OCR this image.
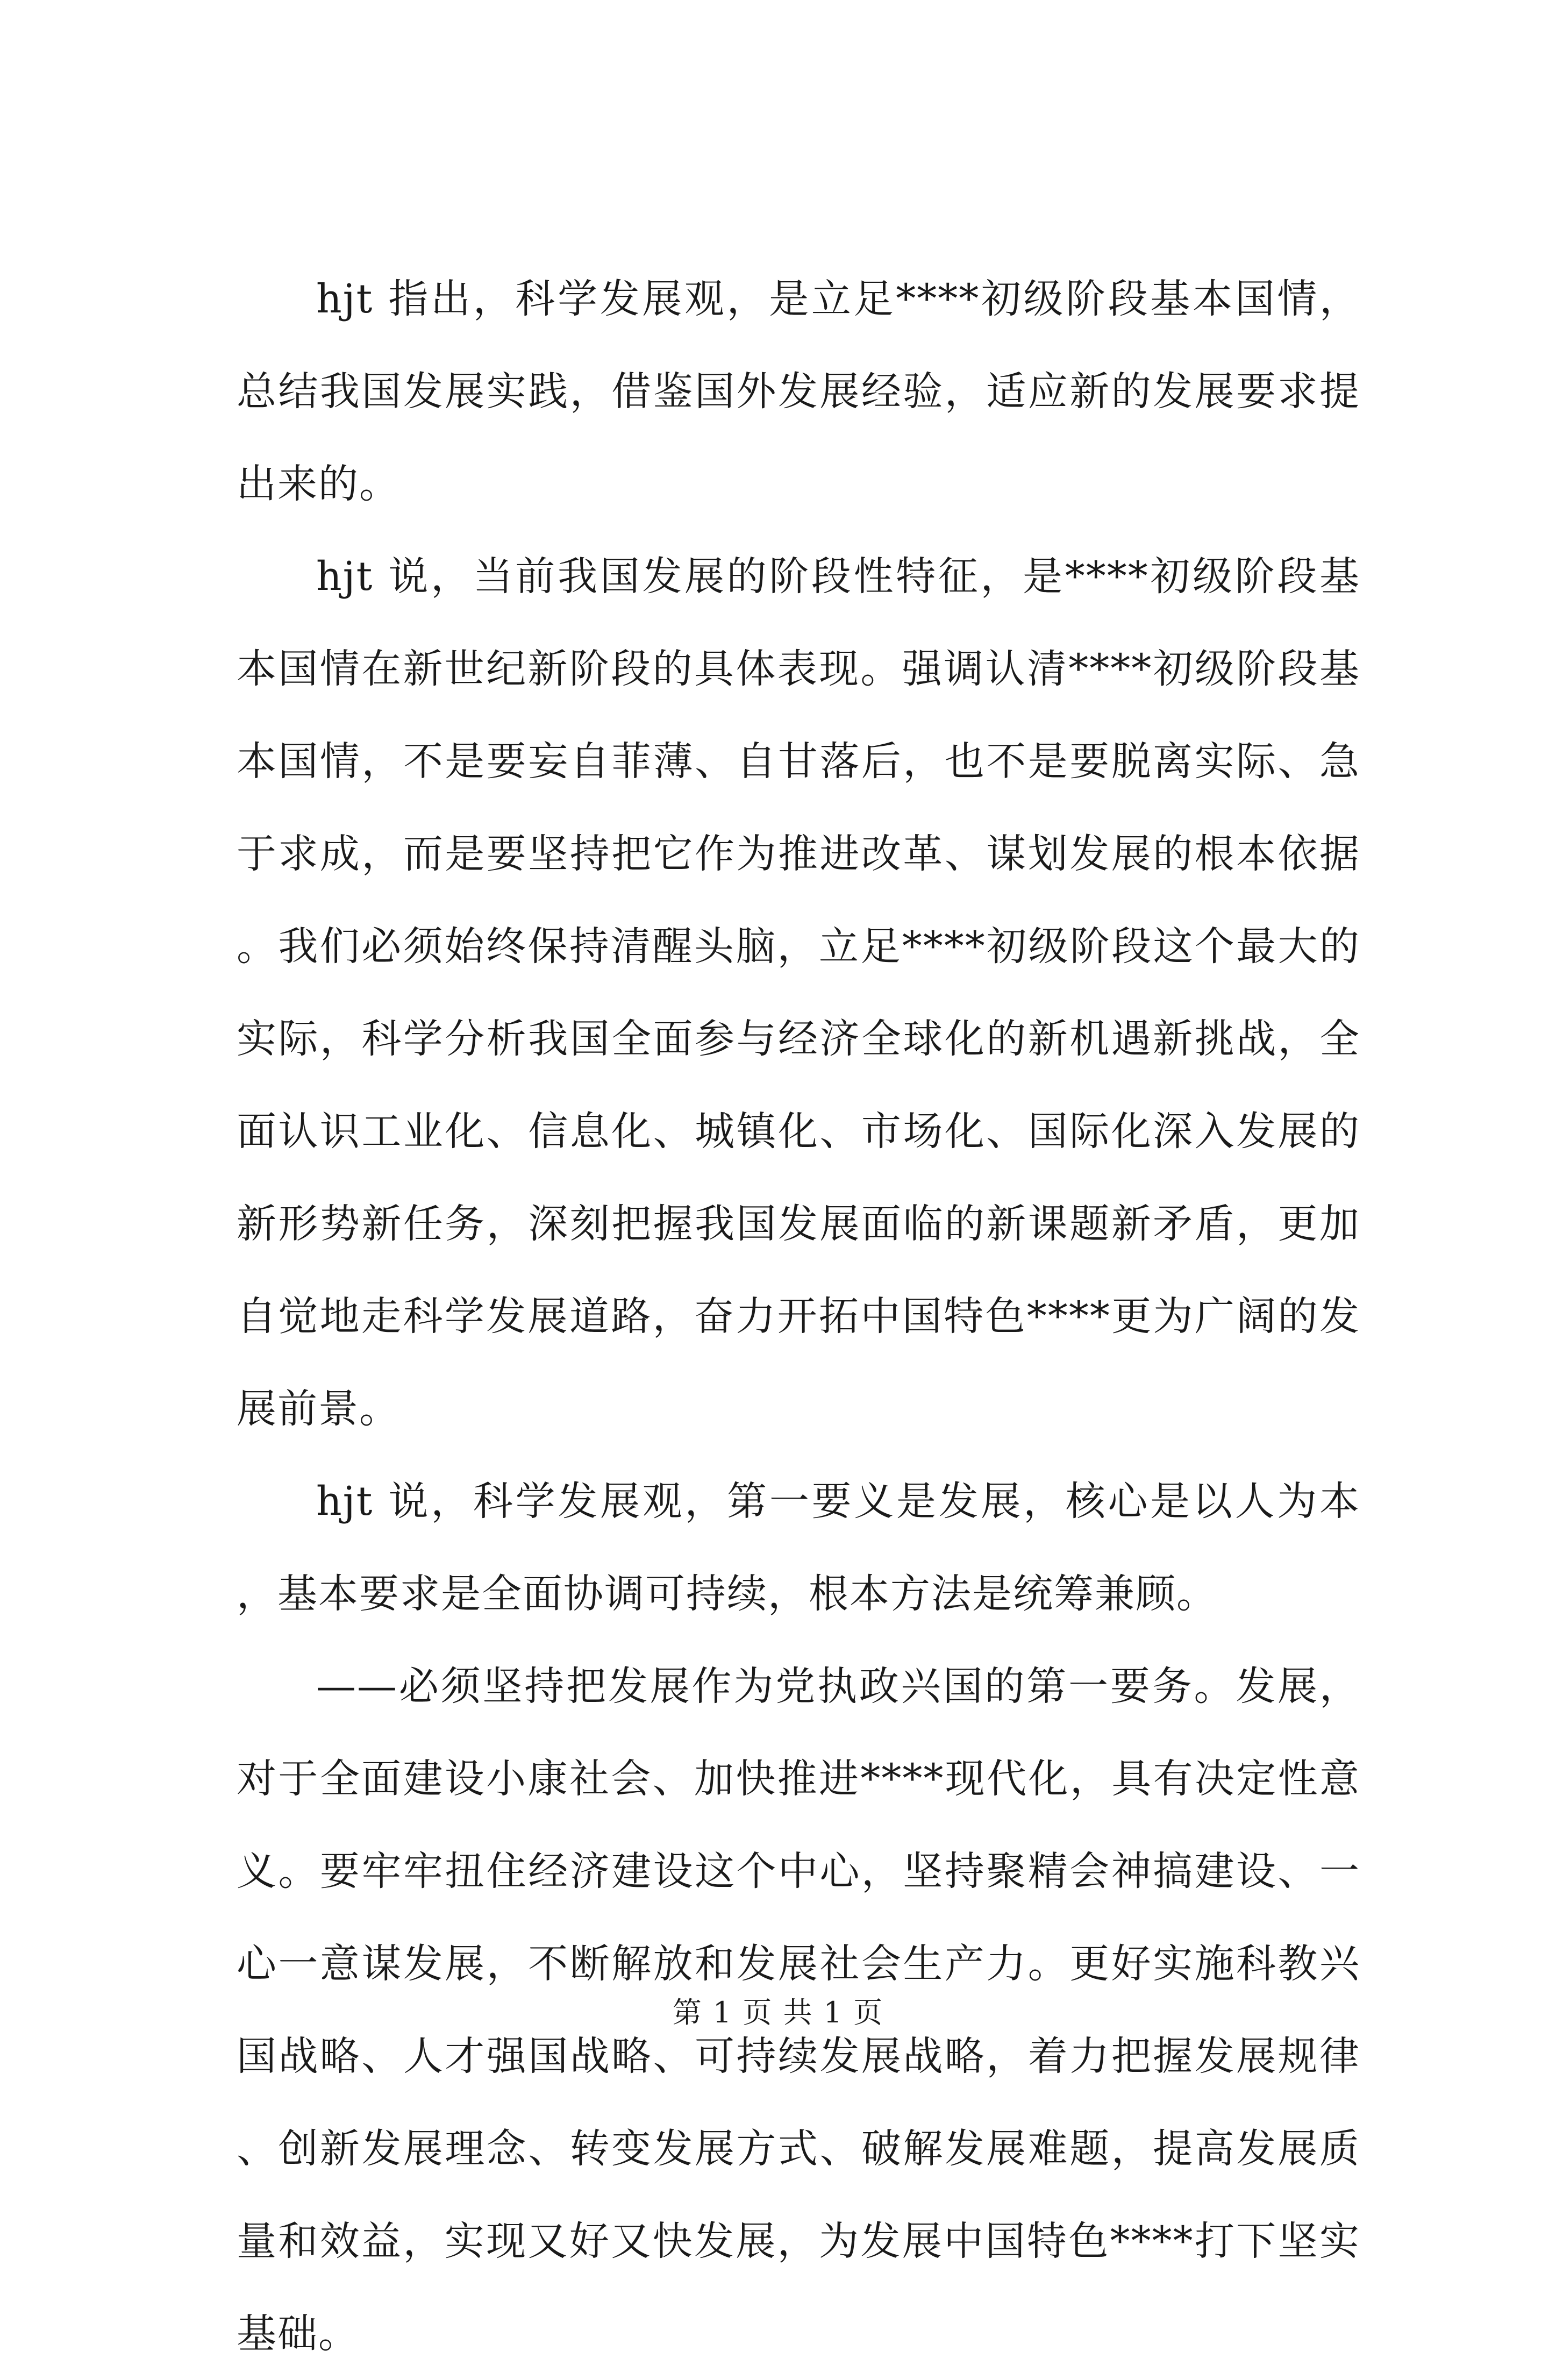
hjt 指出，科学发展观，是立足****初级阶段基本国情，总结我国发展实践，借鉴国外发展经验，适应新的发展要求提出来的。

hjt 说，当前我国发展的阶段性特征，是****初级阶段基本国情在新世纪新阶段的具体表现。强调认清****初级阶段基本国情，不是要妄自菲薄、自甘落后，也不是要脱离实际、急于求成，而是要坚持把它作为推进改革、谋划发展的根本依据。我们必须始终保持清醒头脑，立足****初级阶段这个最大的实际，科学分析我国全面参与经济全球化的新机遇新挑战，全面认识工业化、信息化、城镇化、市场化、国际化深入发展的新形势新任务，深刻把握我国发展面临的新课题新矛盾，更加自觉地走科学发展道路，奋力开拓中国特色****更为广阔的发展前景。

hjt 说，科学发展观，第一要义是发展，核心是以人为本，基本要求是全面协调可持续，根本方法是统筹兼顾。

——必须坚持把发展作为党执政兴国的第一要务。发展，对于全面建设小康社会、加快推进****现代化，具有决定性意义。要牢牢扭住经济建设这个中心，坚持聚精会神搞建设、一心一意谋发展，不断解放和发展社会生产力。更好实施科教兴国战略、人才强国战略、可持续发展战略，着力把握发展规律、创新发展理念、转变发展方式、破解发展难题，提高发展质量和效益，实现又好又快发展，为发展中国特色****打下坚实基础。

第 1 页 共 1 页
